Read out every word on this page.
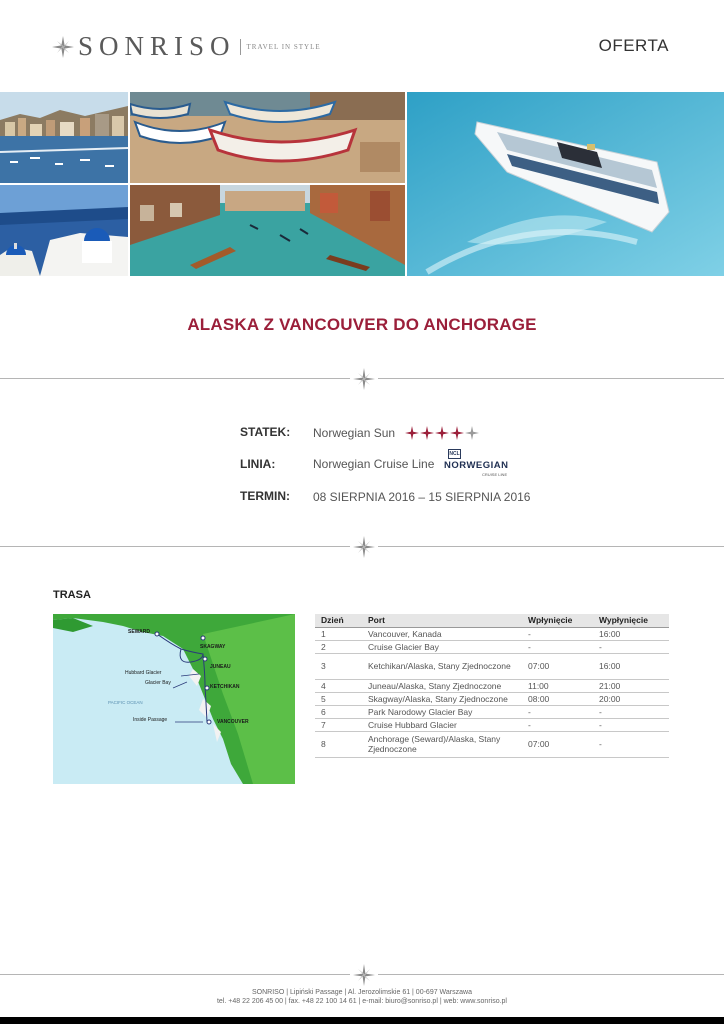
SONRISO TRAVEL IN STYLE	OFERTA
ALASKA Z VANCOUVER DO ANCHORAGE
STATEK: Norwegian Sun
LINIA:	Norwegian Cruise Line
NCL
NORWEGIAN
CRUISE LINE
TERMIN: 08 SIERPNIA 2016 – 15 SIERPNIA 2016
TRASA
SEWARD
SKAGWAY
JUNEAU
Hubbard Glacier
Glacier Bay
KETCHIKAN
PACIFIC OCEAN
Inside Passage	VANCOUVER
Dzień	Port	Wpłynięcie	Wypłynięcie
1	Vancouver, Kanada	-	16:00
2	Cruise Glacier Bay	-	-
3	Ketchikan/Alaska, Stany Zjednoczone	07:00	16:00
4	Juneau/Alaska, Stany Zjednoczone	11:00	21:00
5	Skagway/Alaska, Stany Zjednoczone	08:00	20:00
6	Park Narodowy Glacier Bay	-	-
7	Cruise Hubbard Glacier	-	-
8	Anchorage (Seward)/Alaska, Stany Zjednoczone	07:00	-
SONRISO | Lipiński Passage | Al. Jerozolimskie 61 | 00-697 Warszawa
tel. +48 22 206 45 00 | fax. +48 22 100 14 61 | e-mail: biuro@sonriso.pl | web: www.sonriso.pl
